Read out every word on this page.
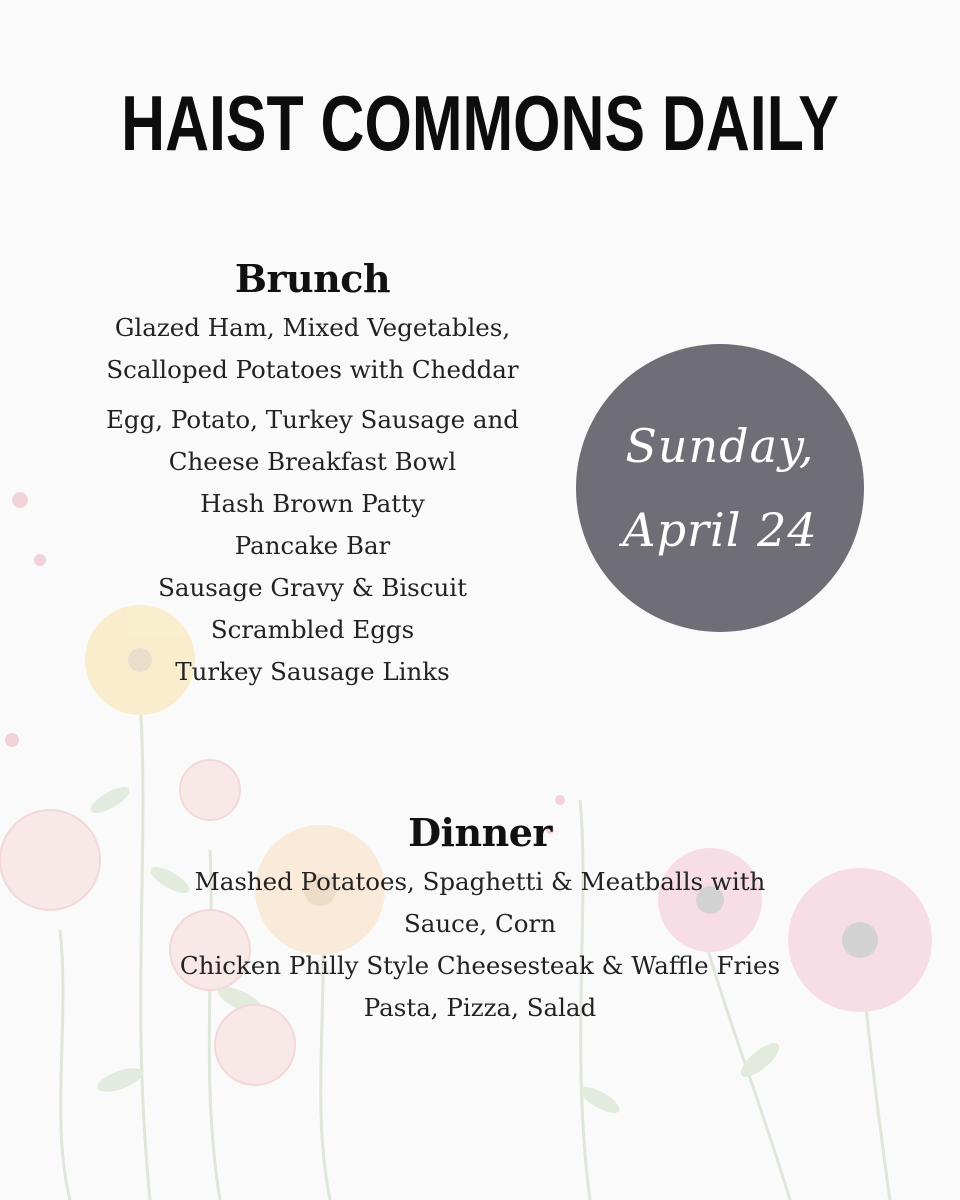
HAIST COMMONS DAILY
Brunch
Glazed Ham, Mixed Vegetables,
Scalloped Potatoes with Cheddar
Egg, Potato, Turkey Sausage and
Cheese Breakfast Bowl
Hash Brown Patty
Pancake Bar
Sausage Gravy & Biscuit
Scrambled Eggs
Turkey Sausage Links
Sunday,
April 24
Dinner
Mashed Potatoes, Spaghetti & Meatballs with
Sauce, Corn
Chicken Philly Style Cheesesteak & Waffle Fries
Pasta, Pizza, Salad
